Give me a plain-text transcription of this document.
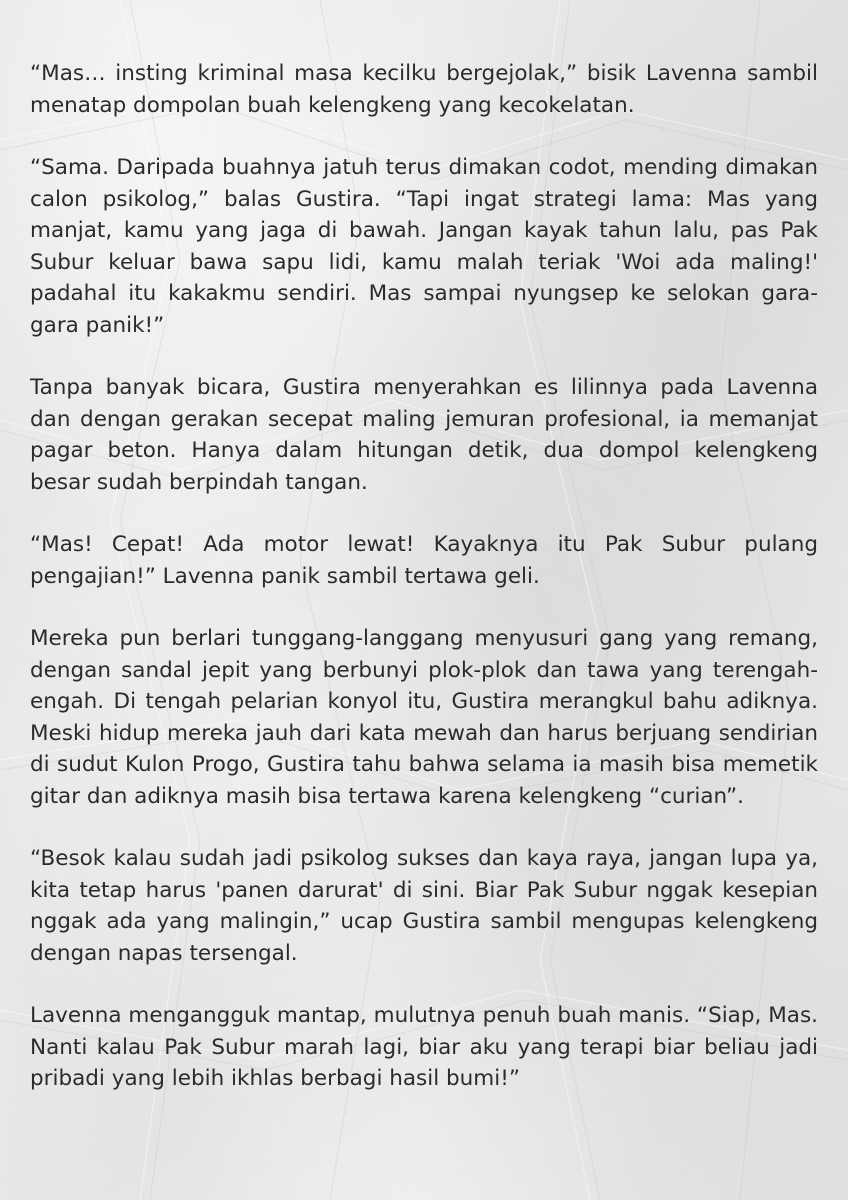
“Mas… insting kriminal masa kecilku bergejolak,” bisik Lavenna sambil menatap dompolan buah kelengkeng yang kecokelatan.

“Sama. Daripada buahnya jatuh terus dimakan codot, mending dimakan calon psikolog,” balas Gustira. “Tapi ingat strategi lama: Mas yang manjat, kamu yang jaga di bawah. Jangan kayak tahun lalu, pas Pak Subur keluar bawa sapu lidi, kamu malah teriak 'Woi ada maling!' padahal itu kakakmu sendiri. Mas sampai nyungsep ke selokan gara-gara panik!”

Tanpa banyak bicara, Gustira menyerahkan es lilinnya pada Lavenna dan dengan gerakan secepat maling jemuran profesional, ia memanjat pagar beton. Hanya dalam hitungan detik, dua dompol kelengkeng besar sudah berpindah tangan.

“Mas! Cepat! Ada motor lewat! Kayaknya itu Pak Subur pulang pengajian!” Lavenna panik sambil tertawa geli.

Mereka pun berlari tunggang-langgang menyusuri gang yang remang, dengan sandal jepit yang berbunyi plok-plok dan tawa yang terengah-engah. Di tengah pelarian konyol itu, Gustira merangkul bahu adiknya. Meski hidup mereka jauh dari kata mewah dan harus berjuang sendirian di sudut Kulon Progo, Gustira tahu bahwa selama ia masih bisa memetik gitar dan adiknya masih bisa tertawa karena kelengkeng “curian”.

“Besok kalau sudah jadi psikolog sukses dan kaya raya, jangan lupa ya, kita tetap harus 'panen darurat' di sini. Biar Pak Subur nggak kesepian nggak ada yang malingin,” ucap Gustira sambil mengupas kelengkeng dengan napas tersengal.

Lavenna mengangguk mantap, mulutnya penuh buah manis. “Siap, Mas. Nanti kalau Pak Subur marah lagi, biar aku yang terapi biar beliau jadi pribadi yang lebih ikhlas berbagi hasil bumi!”
